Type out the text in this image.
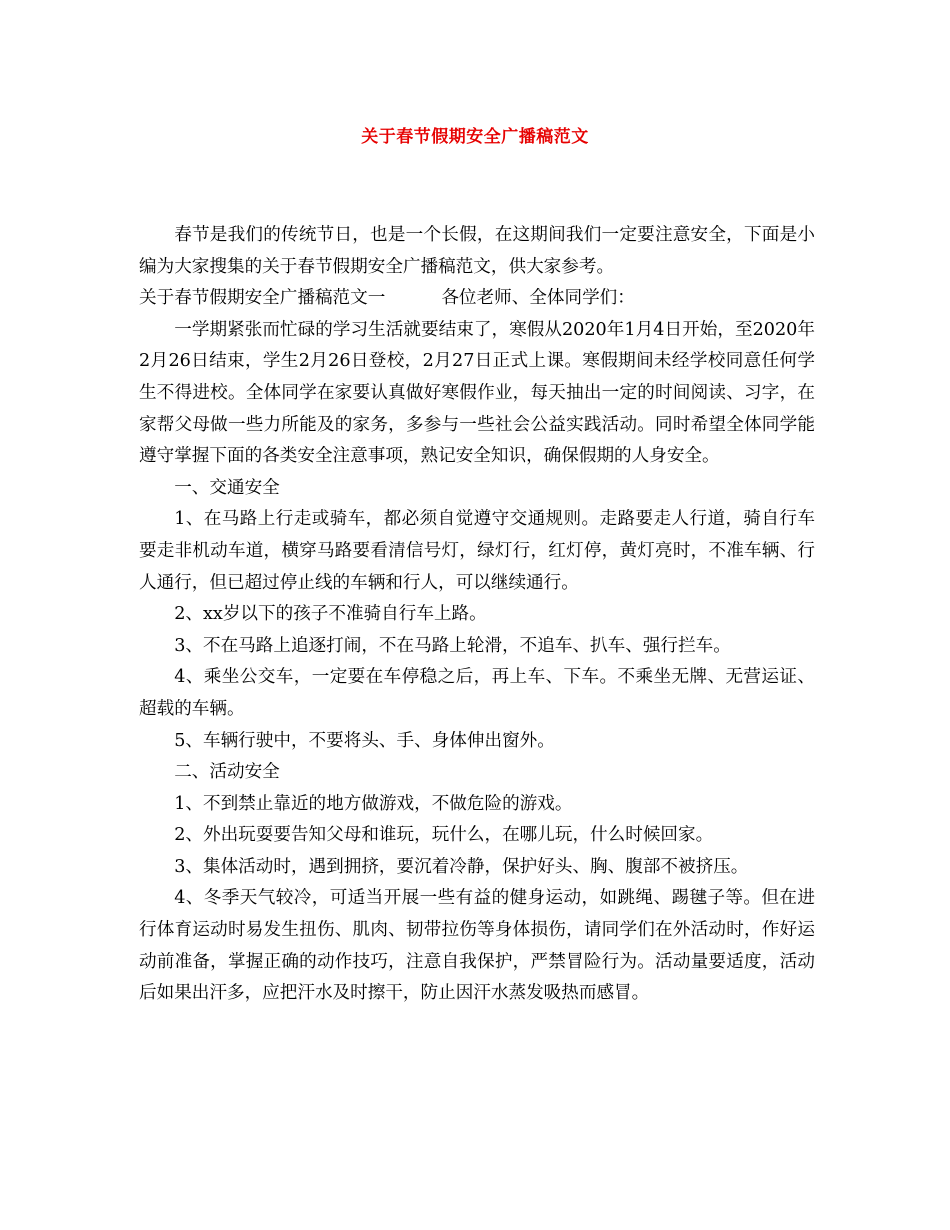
关于春节假期安全广播稿范文

春节是我们的传统节日，也是一个长假，在这期间我们一定要注意安全，下面是小编为大家搜集的关于春节假期安全广播稿范文，供大家参考。

关于春节假期安全广播稿范文一	各位老师、全体同学们：

一学期紧张而忙碌的学习生活就要结束了，寒假从2020年1月4日开始，至2020年2月26日结束，学生2月26日登校，2月27日正式上课。寒假期间未经学校同意任何学生不得进校。全体同学在家要认真做好寒假作业，每天抽出一定的时间阅读、习字，在家帮父母做一些力所能及的家务，多参与一些社会公益实践活动。同时希望全体同学能遵守掌握下面的各类安全注意事项，熟记安全知识，确保假期的人身安全。

一、交通安全

1、在马路上行走或骑车，都必须自觉遵守交通规则。走路要走人行道，骑自行车要走非机动车道，横穿马路要看清信号灯，绿灯行，红灯停，黄灯亮时，不准车辆、行人通行，但已超过停止线的车辆和行人，可以继续通行。

2、xx岁以下的孩子不准骑自行车上路。

3、不在马路上追逐打闹，不在马路上轮滑，不追车、扒车、强行拦车。

4、乘坐公交车，一定要在车停稳之后，再上车、下车。不乘坐无牌、无营运证、超载的车辆。

5、车辆行驶中，不要将头、手、身体伸出窗外。

二、活动安全

1、不到禁止靠近的地方做游戏，不做危险的游戏。

2、外出玩耍要告知父母和谁玩，玩什么，在哪儿玩，什么时候回家。

3、集体活动时，遇到拥挤，要沉着冷静，保护好头、胸、腹部不被挤压。

4、冬季天气较冷，可适当开展一些有益的健身运动，如跳绳、踢毽子等。但在进行体育运动时易发生扭伤、肌肉、韧带拉伤等身体损伤，请同学们在外活动时，作好运动前准备，掌握正确的动作技巧，注意自我保护，严禁冒险行为。活动量要适度，活动后如果出汗多，应把汗水及时擦干，防止因汗水蒸发吸热而感冒。
